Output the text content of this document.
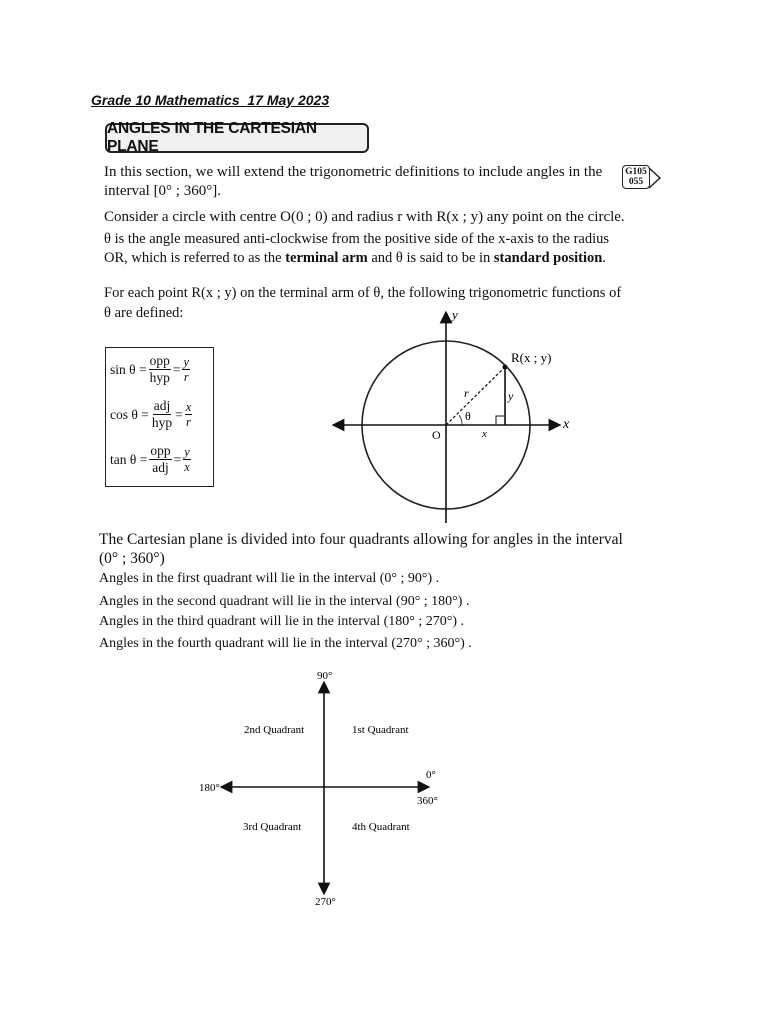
Grade 10 Mathematics  17 May 2023
ANGLES IN THE CARTESIAN PLANE
In this section, we will extend the trigonometric definitions to include angles in the
interval [0° ; 360°].
G105
055
Consider a circle with centre O(0 ; 0) and radius r with R(x ; y) any point on the circle.
θ is the angle measured anti-clockwise from the positive side of the x-axis to the radius
OR, which is referred to as the terminal arm and θ is said to be in standard position.
For each point R(x ; y) on the terminal arm of θ, the following trigonometric functions of
θ are defined:
$\sin \theta = \frac{\text{opp}}{\text{hyp}} = \frac{y}{r}$
$\cos \theta = \frac{\text{adj}}{\text{hyp}} = \frac{x}{r}$
$\tan \theta = \frac{\text{opp}}{\text{adj}} = \frac{y}{x}$
y
x
O
R(x ; y)
r
θ
y
x
The Cartesian plane is divided into four quadrants allowing for angles in the interval
(0° ; 360°)
Angles in the first quadrant will lie in the interval (0° ; 90°) .
Angles in the second quadrant will lie in the interval (90° ; 180°) .
Angles in the third quadrant will lie in the interval (180° ; 270°) .
Angles in the fourth quadrant will lie in the interval (270° ; 360°) .
90°
180°
0°
360°
270°
1st Quadrant
2nd Quadrant
3rd Quadrant	4th Quadrant
